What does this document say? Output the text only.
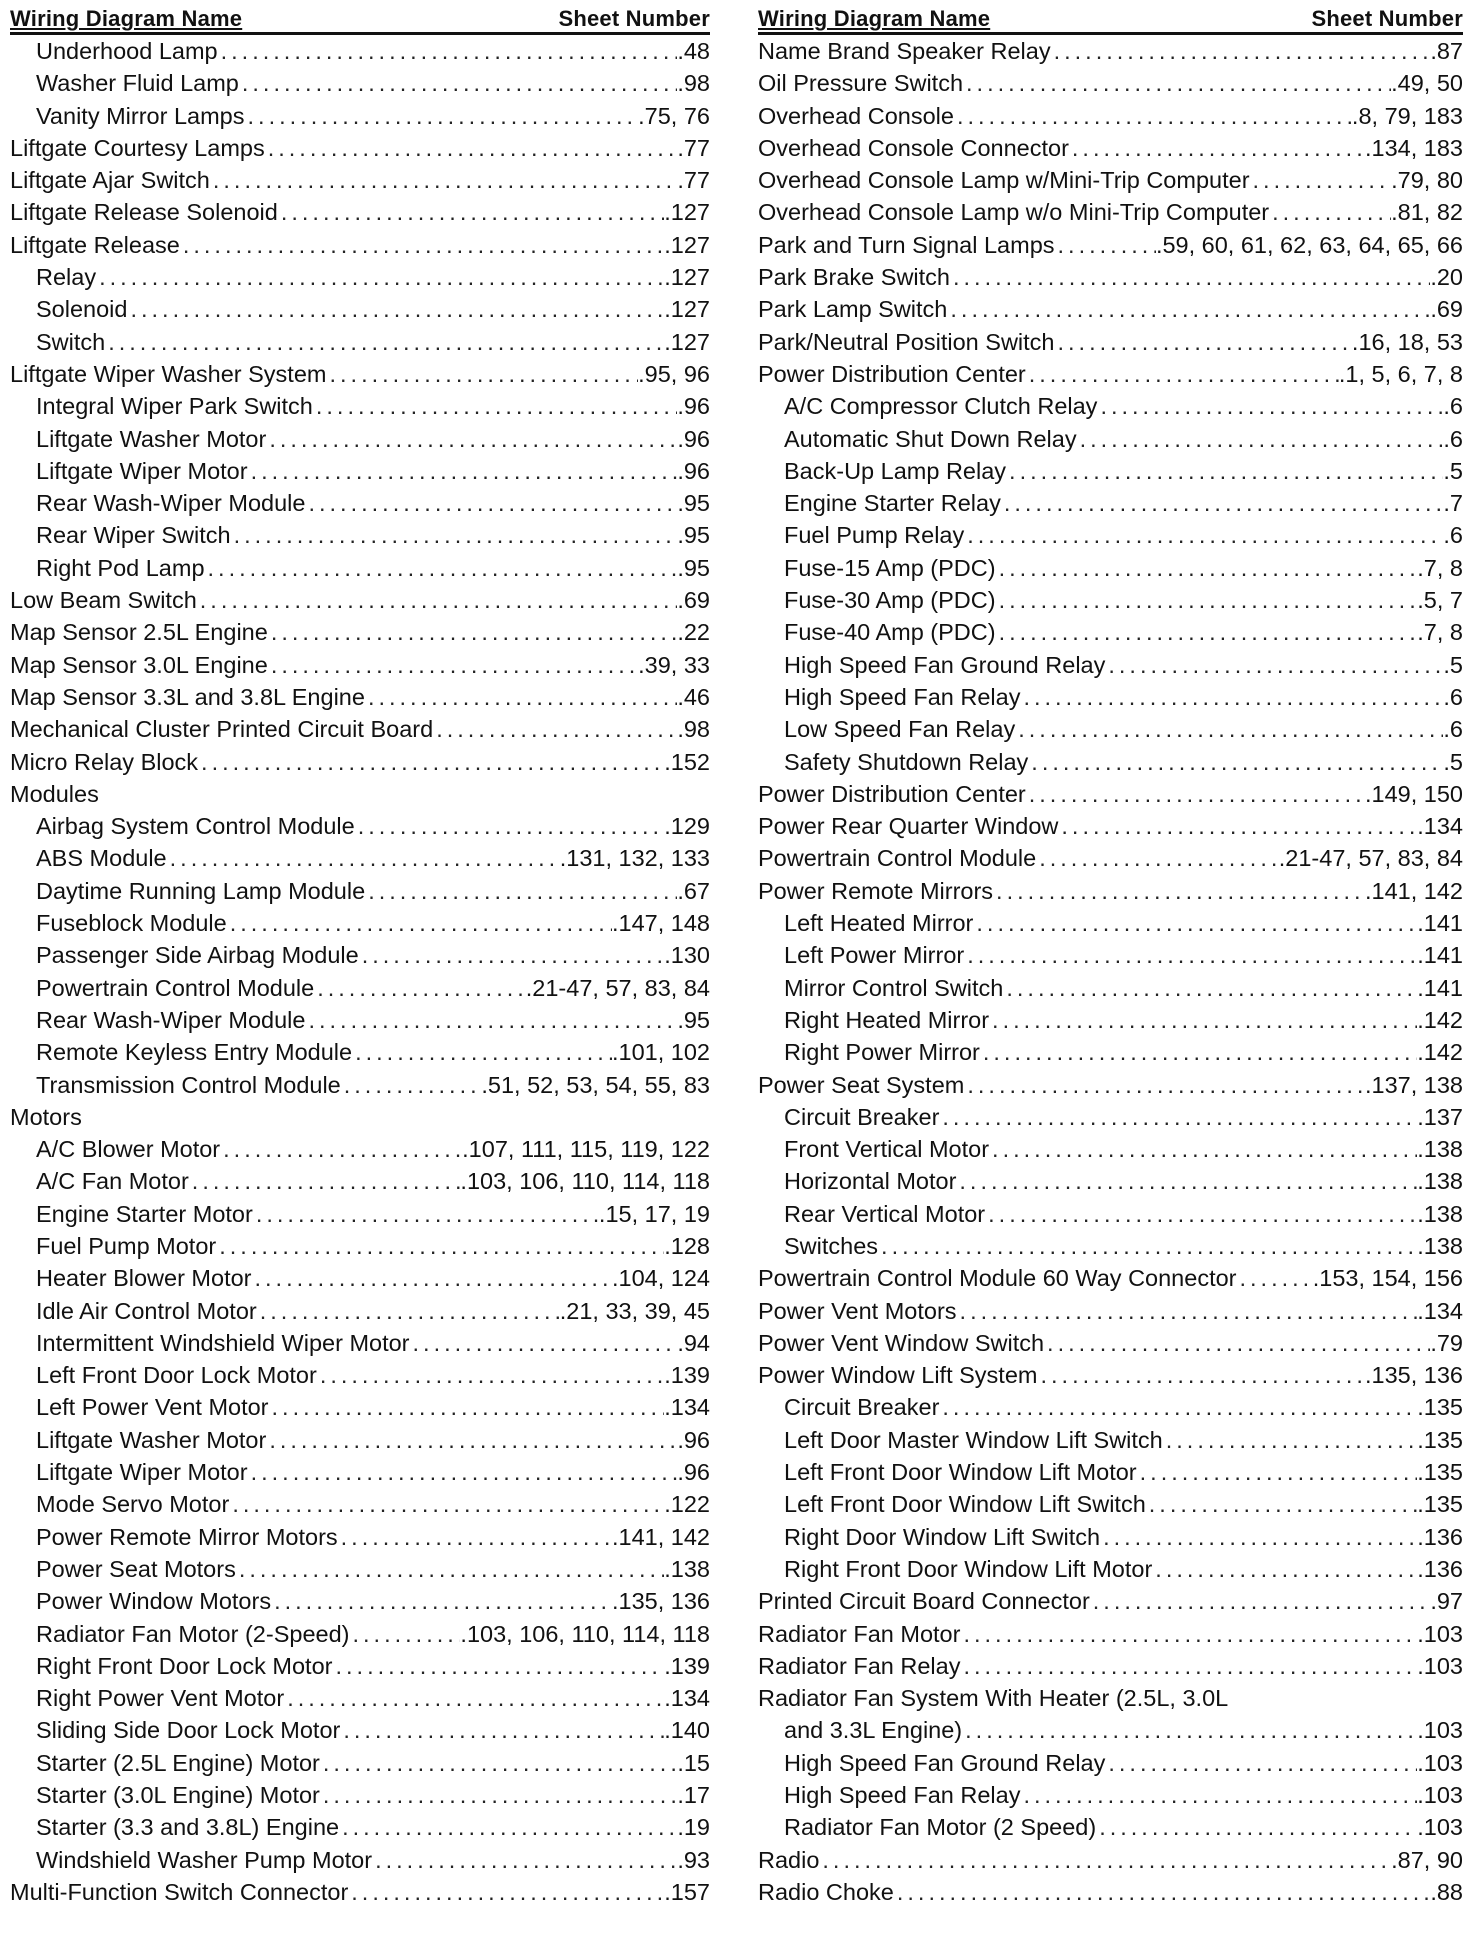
Wiring Diagram Name	Sheet Number
Underhood Lamp .....	.48
Washer Fluid Lamp .....	.98
Vanity Mirror Lamps .....	.75, 76
Liftgate Courtesy Lamps .....	.77
Liftgate Ajar Switch .....	.77
Liftgate Release Solenoid .....	.127
Liftgate Release .....	.127
Relay .....	.127
Solenoid .....	.127
Switch .....	.127
Liftgate Wiper Washer System .....	.95, 96
Integral Wiper Park Switch .....	.96
Liftgate Washer Motor .....	.96
Liftgate Wiper Motor .....	.96
Rear Wash-Wiper Module .....	.95
Rear Wiper Switch .....	.95
Right Pod Lamp .....	.95
Low Beam Switch .....	.69
Map Sensor 2.5L Engine .....	.22
Map Sensor 3.0L Engine .....	.39, 33
Map Sensor 3.3L and 3.8L Engine .....	.46
Mechanical Cluster Printed Circuit Board .....	.98
Micro Relay Block .....	.152
Modules
Airbag System Control Module .....	.129
ABS Module .....	.131, 132, 133
Daytime Running Lamp Module .....	.67
Fuseblock Module .....	.147, 148
Passenger Side Airbag Module .....	.130
Powertrain Control Module .....	.21-47, 57, 83, 84
Rear Wash-Wiper Module .....	.95
Remote Keyless Entry Module .....	.101, 102
Transmission Control Module .....	.51, 52, 53, 54, 55, 83
Motors
A/C Blower Motor .....	.107, 111, 115, 119, 122
A/C Fan Motor .....	.103, 106, 110, 114, 118
Engine Starter Motor .....	.15, 17, 19
Fuel Pump Motor .....	.128
Heater Blower Motor .....	.104, 124
Idle Air Control Motor .....	.21, 33, 39, 45
Intermittent Windshield Wiper Motor .....	.94
Left Front Door Lock Motor .....	.139
Left Power Vent Motor .....	.134
Liftgate Washer Motor .....	.96
Liftgate Wiper Motor .....	.96
Mode Servo Motor .....	.122
Power Remote Mirror Motors .....	.141, 142
Power Seat Motors .....	.138
Power Window Motors .....	.135, 136
Radiator Fan Motor (2-Speed) .....	.103, 106, 110, 114, 118
Right Front Door Lock Motor .....	.139
Right Power Vent Motor .....	.134
Sliding Side Door Lock Motor .....	.140
Starter (2.5L Engine) Motor .....	.15
Starter (3.0L Engine) Motor .....	.17
Starter (3.3 and 3.8L) Engine .....	.19
Windshield Washer Pump Motor .....	.93
Multi-Function Switch Connector .....	.157
Wiring Diagram Name	Sheet Number
Name Brand Speaker Relay .....	.87
Oil Pressure Switch .....	.49, 50
Overhead Console .....	.8, 79, 183
Overhead Console Connector .....	.134, 183
Overhead Console Lamp w/Mini-Trip Computer .....	.79, 80
Overhead Console Lamp w/o Mini-Trip Computer .....	.81, 82
Park and Turn Signal Lamps .....	.59, 60, 61, 62, 63, 64, 65, 66
Park Brake Switch .....	.20
Park Lamp Switch .....	.69
Park/Neutral Position Switch .....	.16, 18, 53
Power Distribution Center .....	.1, 5, 6, 7, 8
A/C Compressor Clutch Relay .....	.6
Automatic Shut Down Relay .....	.6
Back-Up Lamp Relay .....	.5
Engine Starter Relay .....	.7
Fuel Pump Relay .....	.6
Fuse-15 Amp (PDC) .....	.7, 8
Fuse-30 Amp (PDC) .....	.5, 7
Fuse-40 Amp (PDC) .....	.7, 8
High Speed Fan Ground Relay .....	.5
High Speed Fan Relay .....	.6
Low Speed Fan Relay .....	.6
Safety Shutdown Relay .....	.5
Power Distribution Center .....	.149, 150
Power Rear Quarter Window .....	.134
Powertrain Control Module .....	.21-47, 57, 83, 84
Power Remote Mirrors .....	.141, 142
Left Heated Mirror .....	.141
Left Power Mirror .....	.141
Mirror Control Switch .....	.141
Right Heated Mirror .....	.142
Right Power Mirror .....	.142
Power Seat System .....	.137, 138
Circuit Breaker .....	.137
Front Vertical Motor .....	.138
Horizontal Motor .....	.138
Rear Vertical Motor .....	.138
Switches .....	.138
Powertrain Control Module 60 Way Connector .....	.153, 154, 156
Power Vent Motors .....	.134
Power Vent Window Switch .....	.79
Power Window Lift System .....	.135, 136
Circuit Breaker .....	.135
Left Door Master Window Lift Switch .....	.135
Left Front Door Window Lift Motor .....	.135
Left Front Door Window Lift Switch .....	.135
Right Door Window Lift Switch .....	.136
Right Front Door Window Lift Motor .....	.136
Printed Circuit Board Connector .....	.97
Radiator Fan Motor .....	.103
Radiator Fan Relay .....	.103
Radiator Fan System With Heater (2.5L, 3.0L
and 3.3L Engine) .....	.103
High Speed Fan Ground Relay .....	.103
High Speed Fan Relay .....	.103
Radiator Fan Motor (2 Speed) .....	.103
Radio .....	.87, 90
Radio Choke .....	.88
